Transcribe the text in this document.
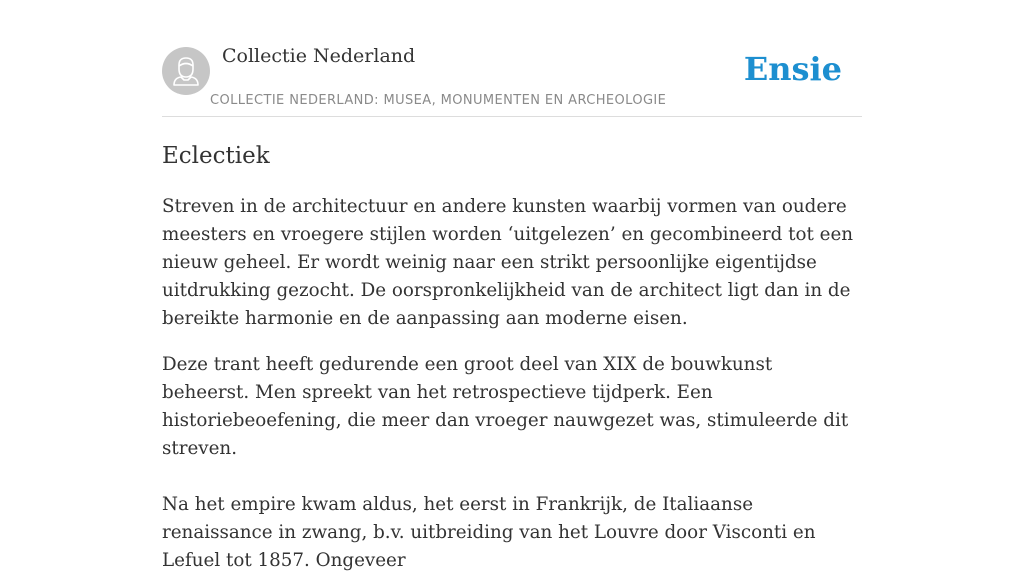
Collectie Nederland
COLLECTIE NEDERLAND: MUSEA, MONUMENTEN EN ARCHEOLOGIE
Ensie
Eclectiek

Streven in de architectuur en andere kunsten waarbij vormen van oudere meesters en vroegere stijlen worden ‘uitgelezen’ en gecombineerd tot een nieuw geheel. Er wordt weinig naar een strikt persoonlijke eigentijdse uitdrukking gezocht. De oorspronkelijkheid van de architect ligt dan in de bereikte harmonie en de aanpassing aan moderne eisen.

Deze trant heeft gedurende een groot deel van XIX de bouwkunst beheerst. Men spreekt van het retrospectieve tijdperk. Een historiebeoefening, die meer dan vroeger nauwgezet was, stimuleerde dit streven.

Na het empire kwam aldus, het eerst in Frankrijk, de Italiaanse renaissance in zwang, b.v. uitbreiding van het Louvre door Visconti en Lefuel tot 1857. Ongeveer
